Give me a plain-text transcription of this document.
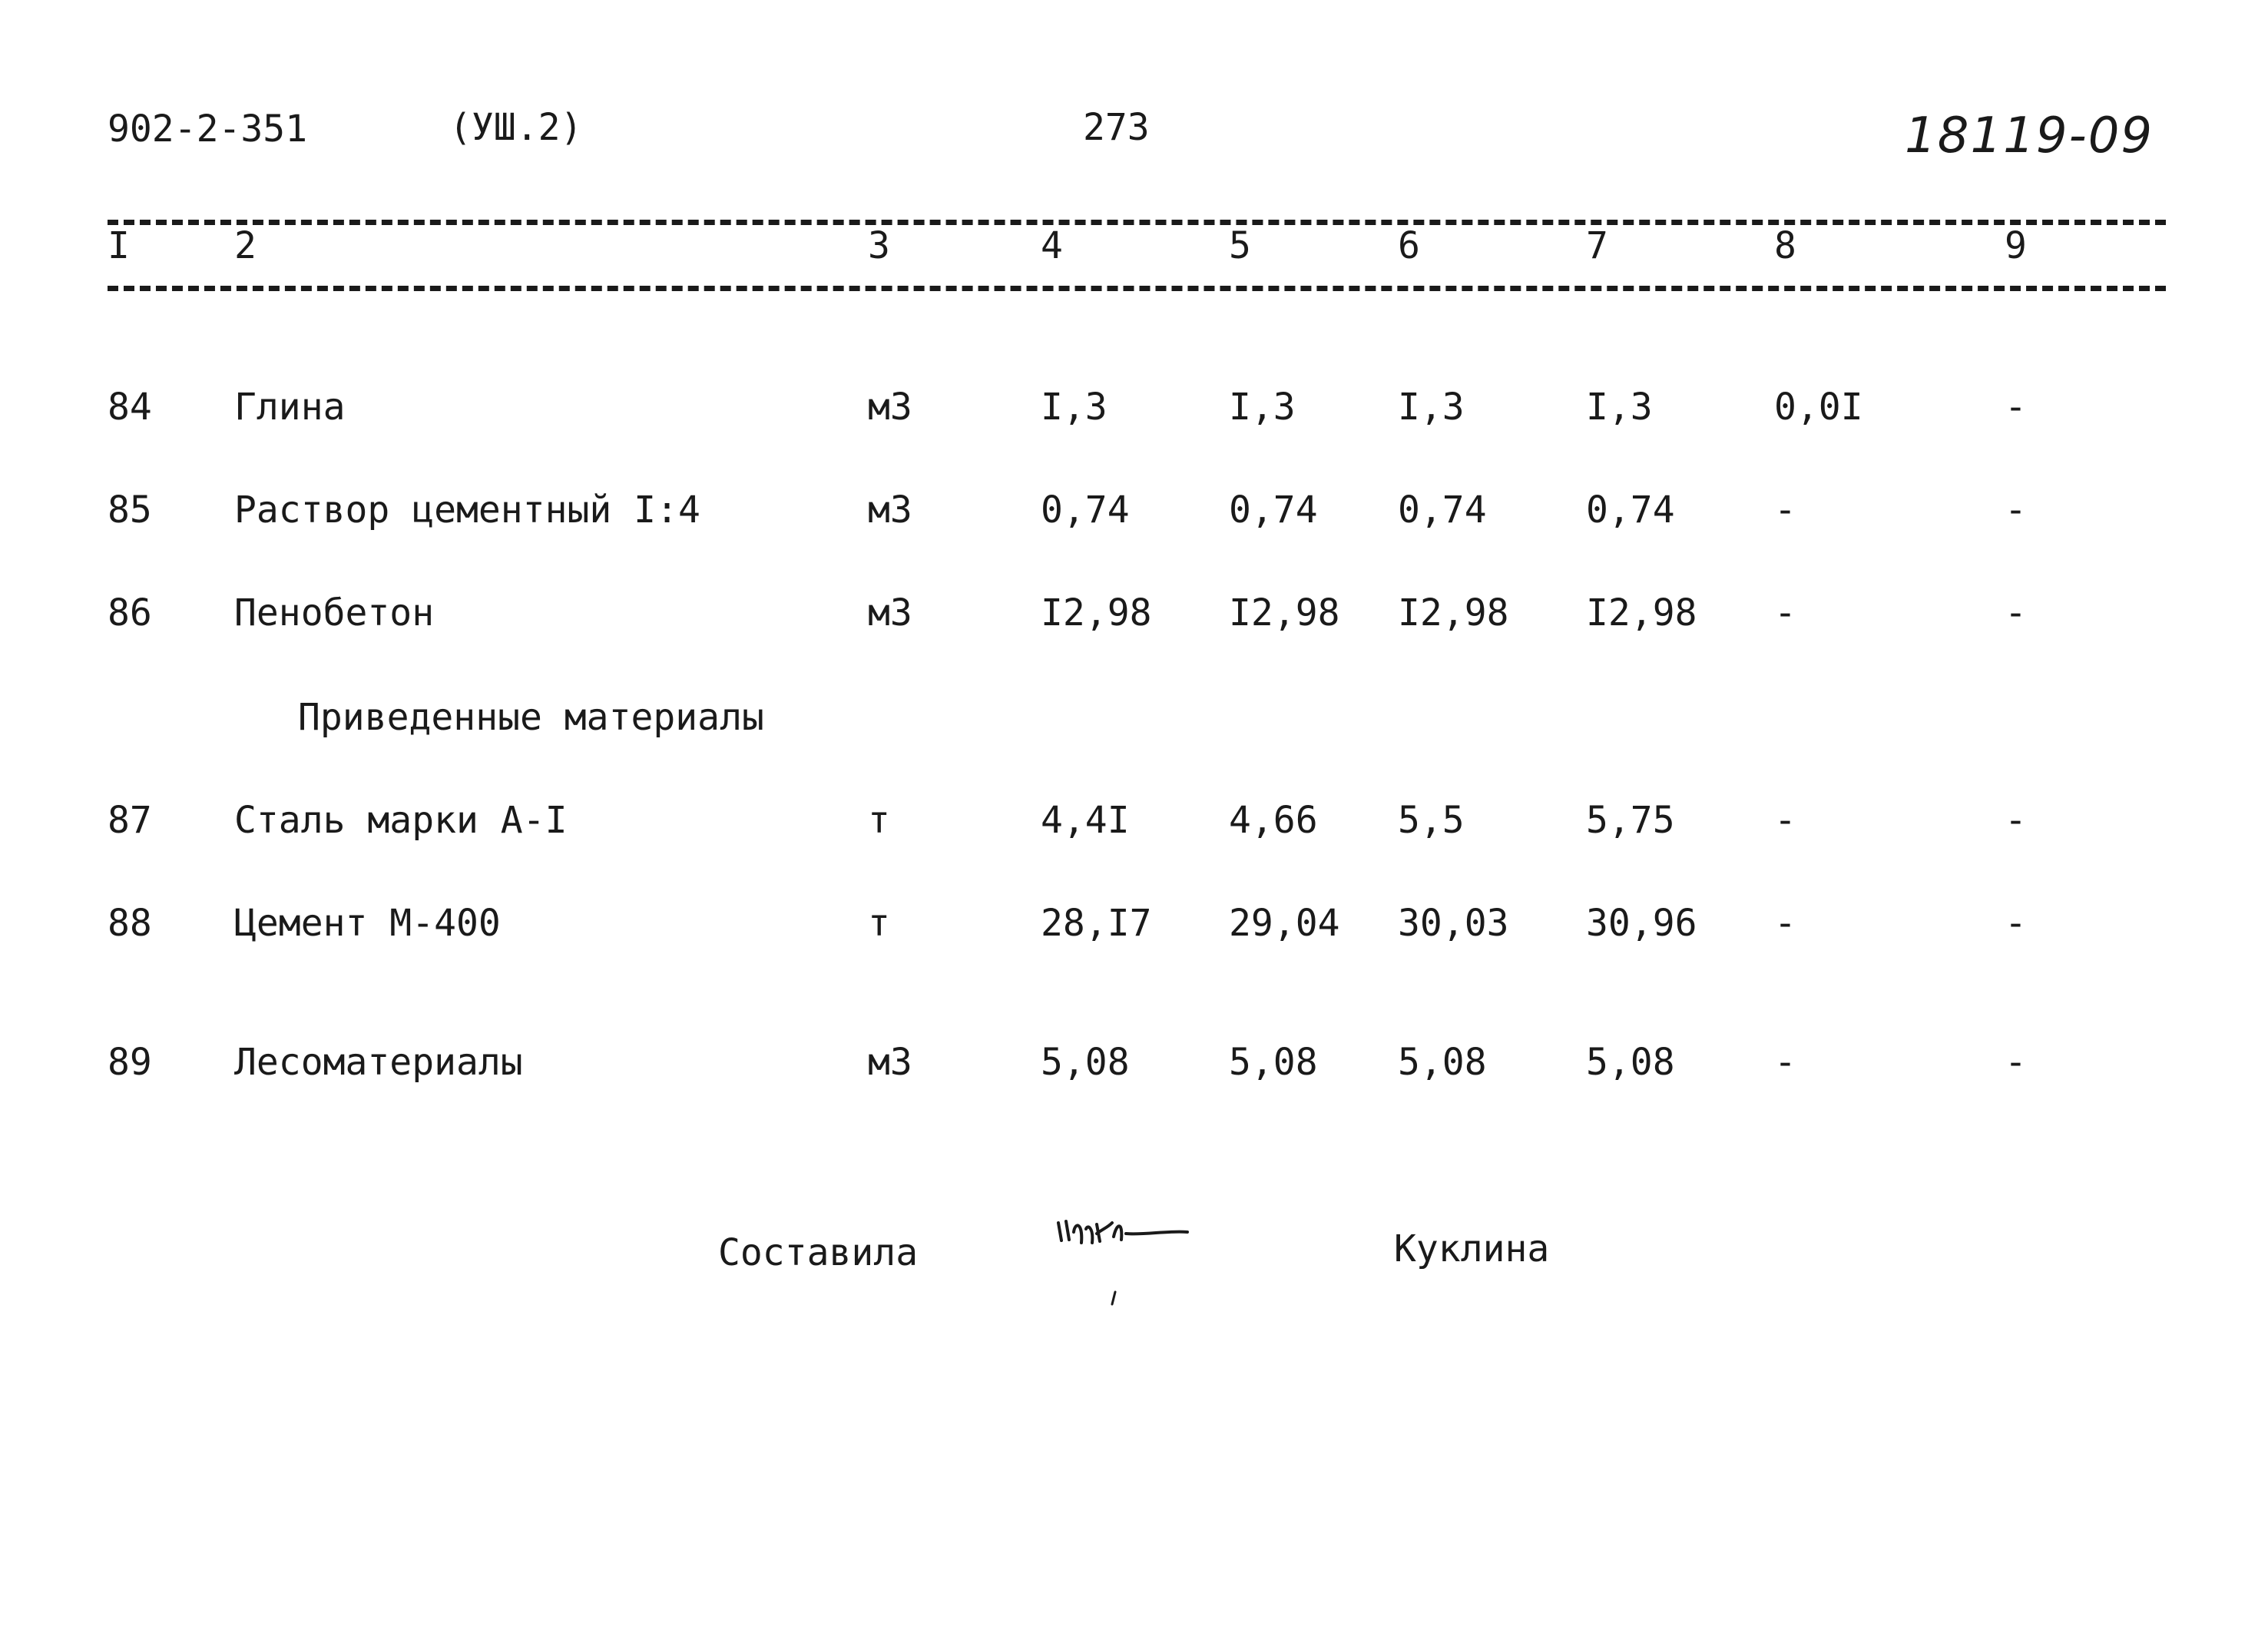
902-2-351	(УШ.2)	273	18119-09
I	2	3	4	5	6	7	8	9
84 Глина	м3	I,3	I,3	I,3	I,3	0,0I	-
85 Раствор цементный I:4	м3	0,74	0,74 0,74	0,74	-	-
86 Пенобетон	м3	I2,98 I2,98 I2,98 I2,98 -	-
Приведенные материалы
87 Сталь марки А-I	т	4,4I	4,66 5,5	5,75	-	-
88 Цемент М-400	т	28,I7 29,04 30,03 30,96 -	-
89 Лесоматериалы	м3	5,08	5,08 5,08	5,08	-	-
Составила	Куклина
